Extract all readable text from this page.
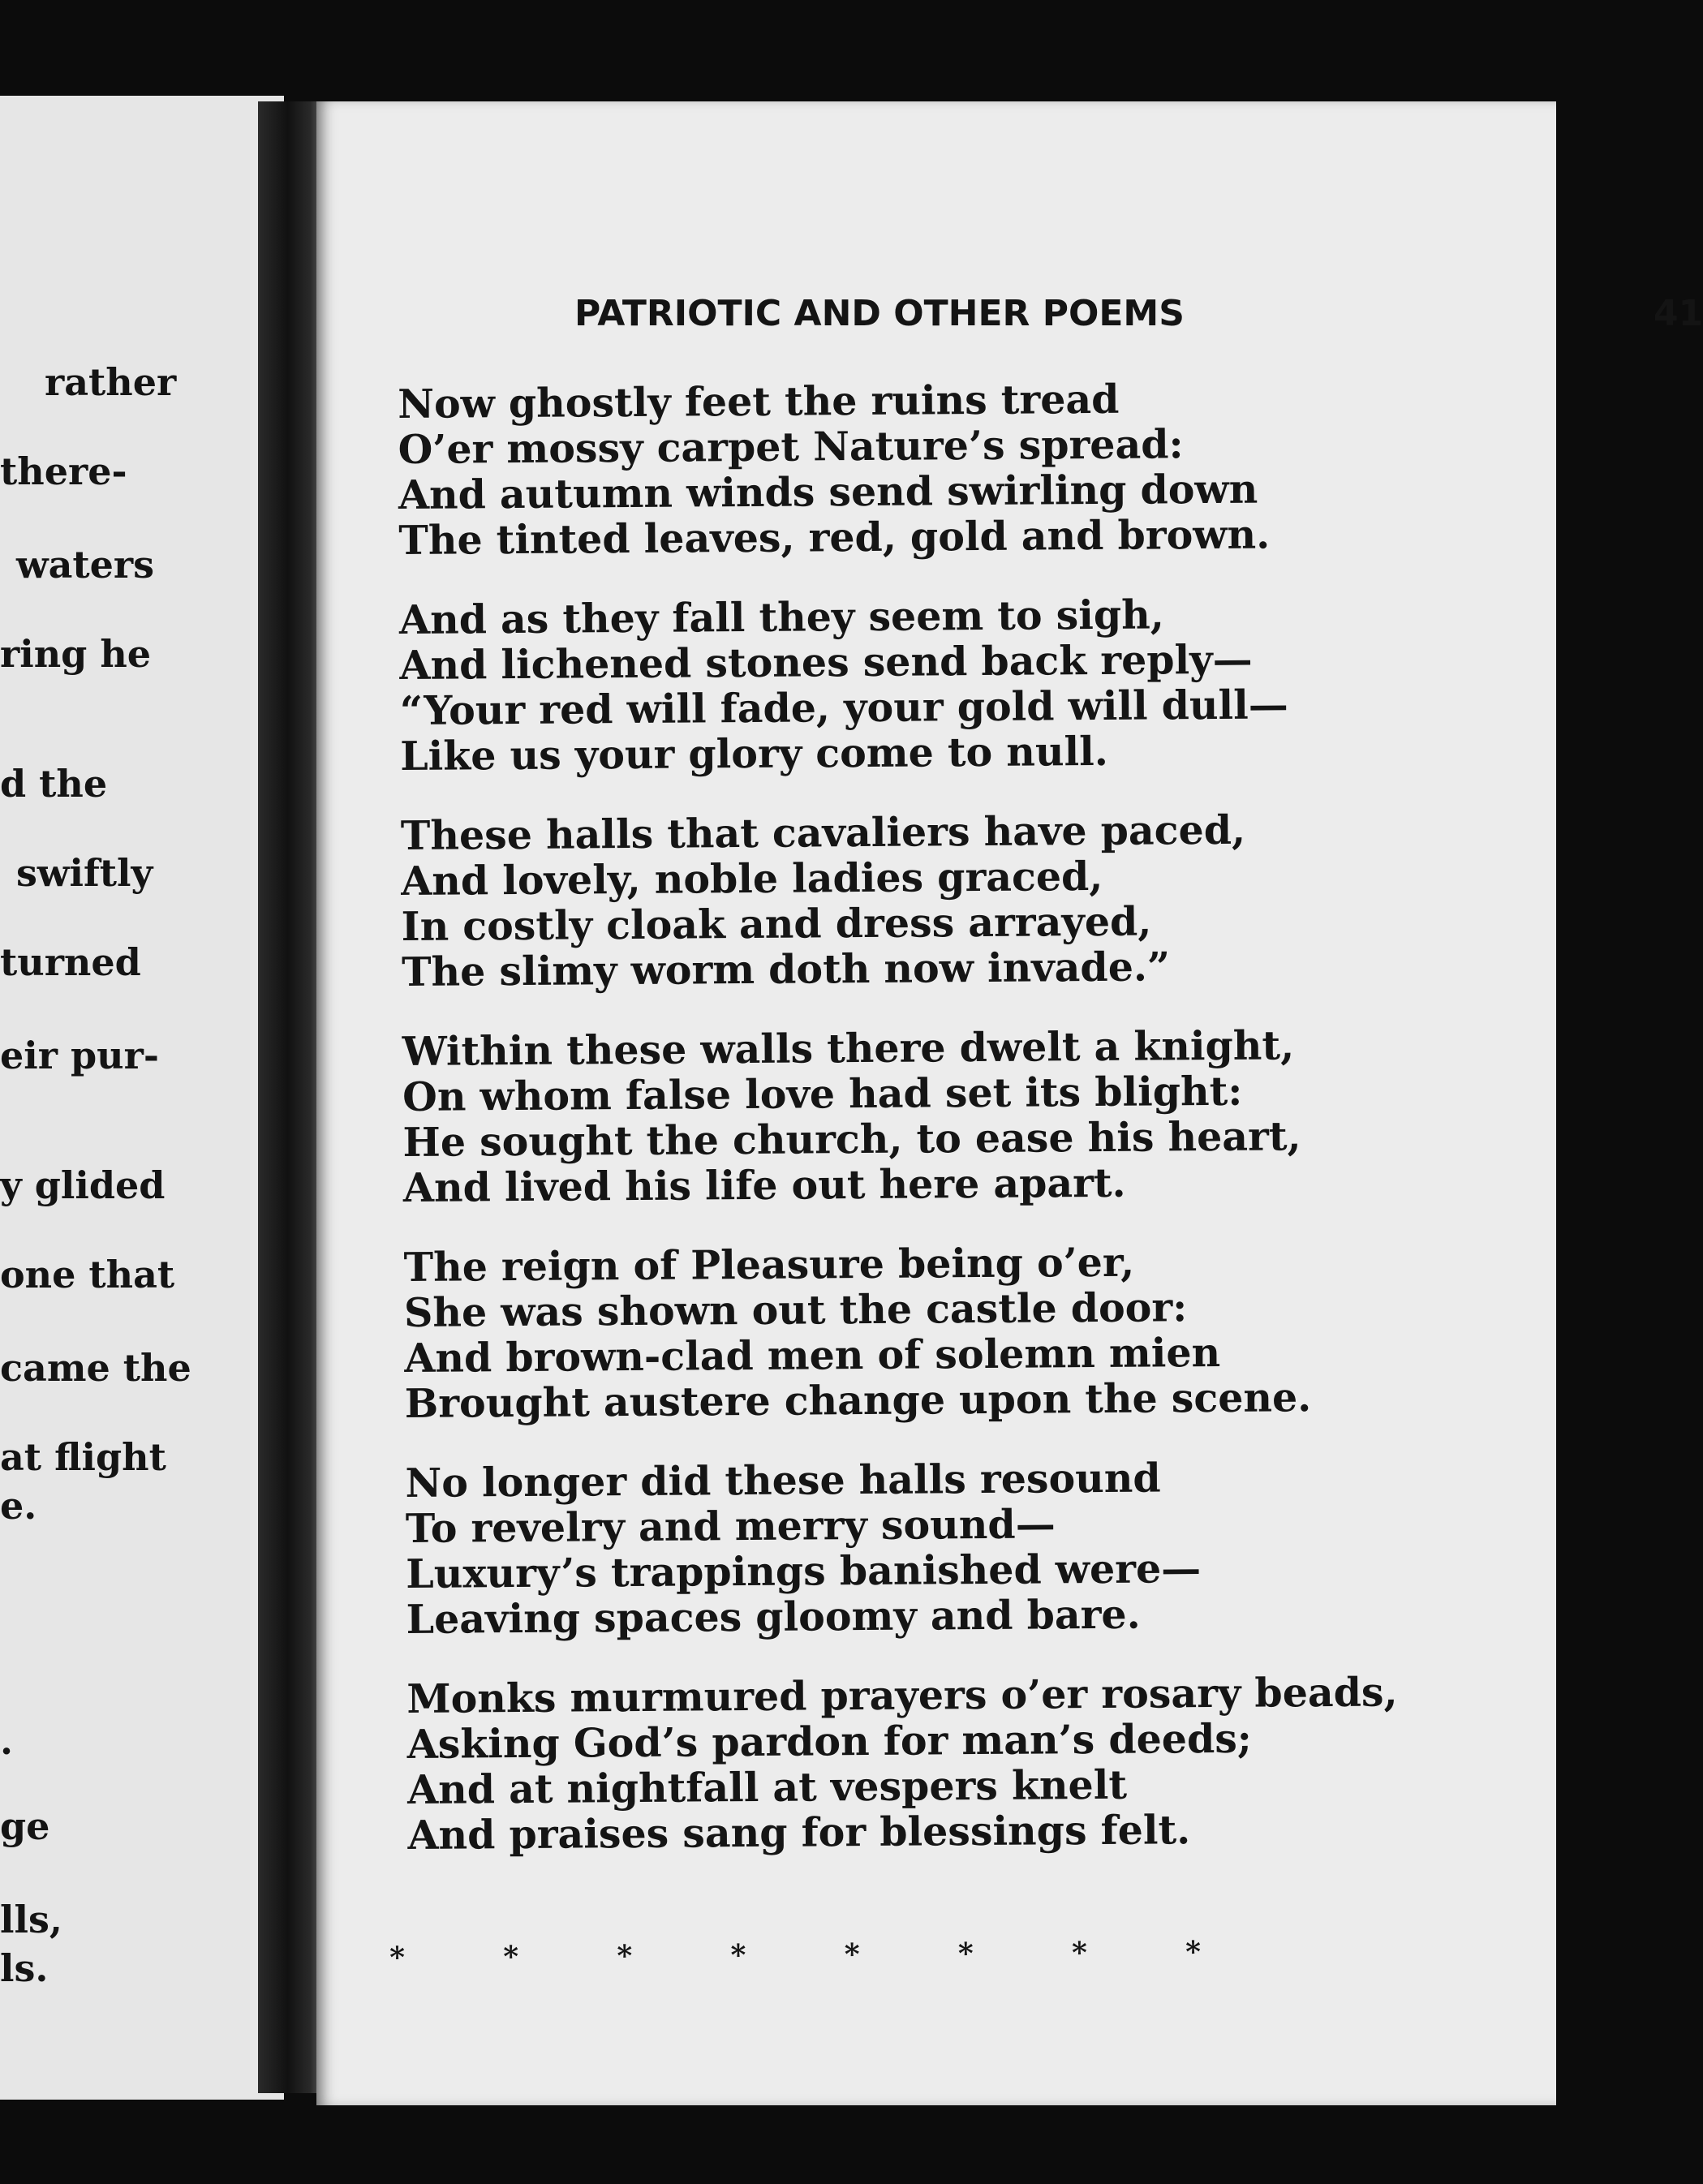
rather
there-
waters
ring he
d the
swiftly
turned
eir pur-
y glided
one that
came the
at flight
e.
.
ge
lls,
ls.
PATRIOTIC AND OTHER POEMS	41
Now ghostly feet the ruins tread
O’er mossy carpet Nature’s spread:
And autumn winds send swirling down
The tinted leaves, red, gold and brown.
And as they fall they seem to sigh,
And lichened stones send back reply—
“Your red will fade, your gold will dull—
Like us your glory come to null.
These halls that cavaliers have paced,
And lovely, noble ladies graced,
In costly cloak and dress arrayed,
The slimy worm doth now invade.”
Within these walls there dwelt a knight,
On whom false love had set its blight:
He sought the church, to ease his heart,
And lived his life out here apart.
The reign of Pleasure being o’er,
She was shown out the castle door:
And brown-clad men of solemn mien
Brought austere change upon the scene.
No longer did these halls resound
To revelry and merry sound—
Luxury’s trappings banished were—
Leaving spaces gloomy and bare.
Monks murmured prayers o’er rosary beads,
Asking God’s pardon for man’s deeds;
And at nightfall at vespers knelt
And praises sang for blessings felt.
*	*	*	*	*	*	*	*
